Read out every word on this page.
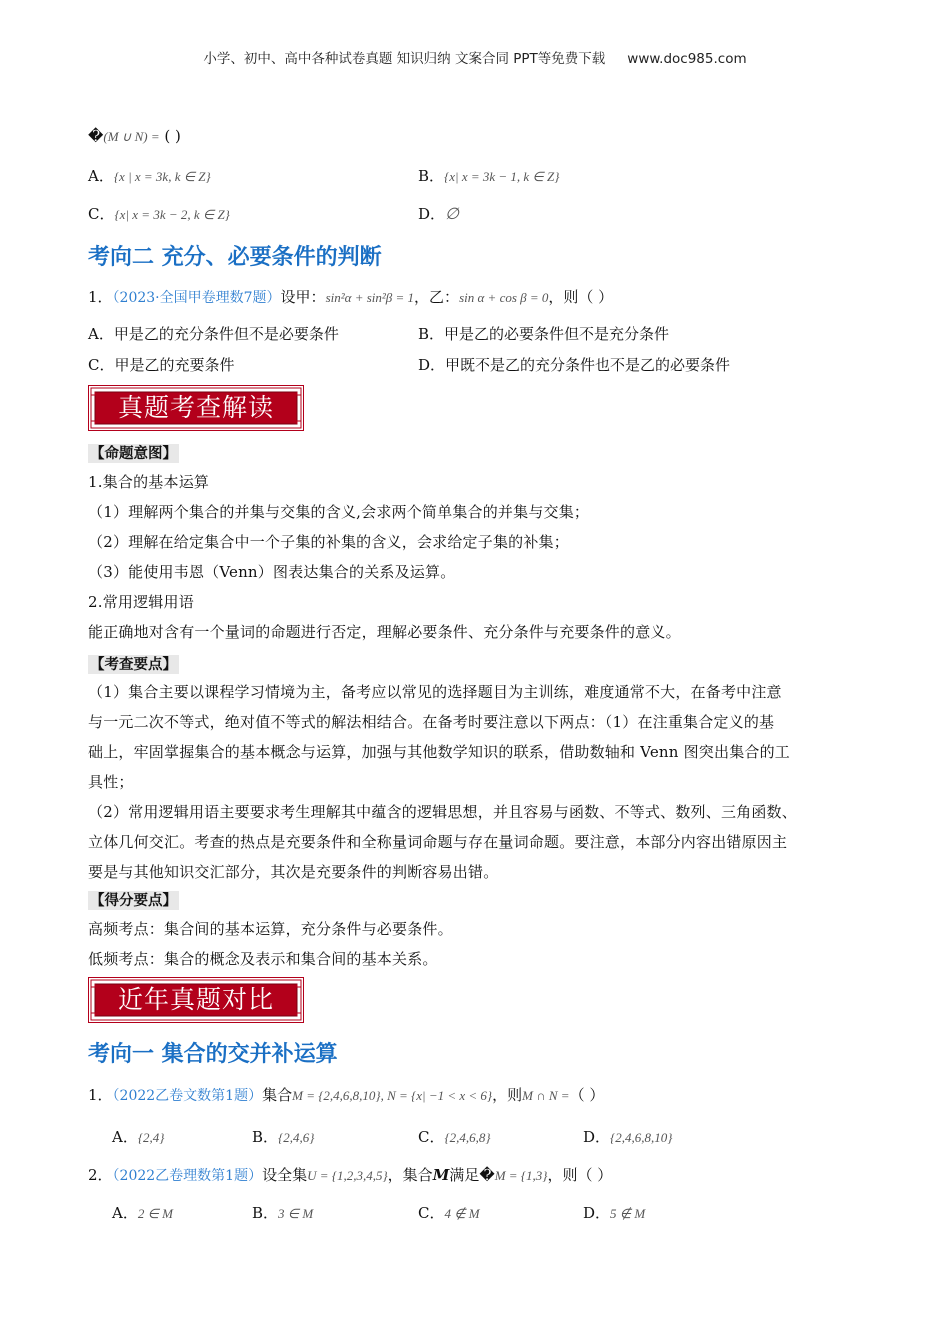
小学、初中、高中各种试卷真题 知识归纳 文案合同 PPT等免费下载 www.doc985.com
�(M ∪ N) = ( )
A．{x | x = 3k, k ∈ Z}	B．{x| x = 3k − 1, k ∈ Z}
C．{x| x = 3k − 2, k ∈ Z}	D．∅
考向二 充分、必要条件的判断
1．（2023·全国甲卷理数7题）设甲：sin²α + sin²β = 1，乙：sin α + cos β = 0，则（ ）
A．甲是乙的充分条件但不是必要条件	B．甲是乙的必要条件但不是充分条件
C．甲是乙的充要条件	D．甲既不是乙的充分条件也不是乙的必要条件
真题考查解读
【命题意图】
1.集合的基本运算
（1）理解两个集合的并集与交集的含义,会求两个简单集合的并集与交集；
（2）理解在给定集合中一个子集的补集的含义，会求给定子集的补集；
（3）能使用韦恩（Venn）图表达集合的关系及运算。
2.常用逻辑用语
能正确地对含有一个量词的命题进行否定，理解必要条件、充分条件与充要条件的意义。
【考查要点】
（1）集合主要以课程学习情境为主，备考应以常见的选择题目为主训练，难度通常不大，在备考中注意
与一元二次不等式，绝对值不等式的解法相结合。在备考时要注意以下两点：（1）在注重集合定义的基
础上，牢固掌握集合的基本概念与运算，加强与其他数学知识的联系，借助数轴和 Venn 图突出集合的工
具性；
（2）常用逻辑用语主要要求考生理解其中蕴含的逻辑思想，并且容易与函数、不等式、数列、三角函数、
立体几何交汇。考查的热点是充要条件和全称量词命题与存在量词命题。要注意，本部分内容出错原因主
要是与其他知识交汇部分，其次是充要条件的判断容易出错。
【得分要点】
高频考点：集合间的基本运算，充分条件与必要条件。
低频考点：集合的概念及表示和集合间的基本关系。
近年真题对比
考向一 集合的交并补运算
1．（2022乙卷文数第1题）集合M = {2,4,6,8,10}, N = {x| −1 < x < 6}，则M ∩ N =（ ）
A．{2,4}	B．{2,4,6}	C．{2,4,6,8}	D．{2,4,6,8,10}
2．（2022乙卷理数第1题）设全集U = {1,2,3,4,5}，集合M满足�M = {1,3}，则（ ）
A．2 ∈ M	B．3 ∈ M	C．4 ∉ M	D．5 ∉ M
